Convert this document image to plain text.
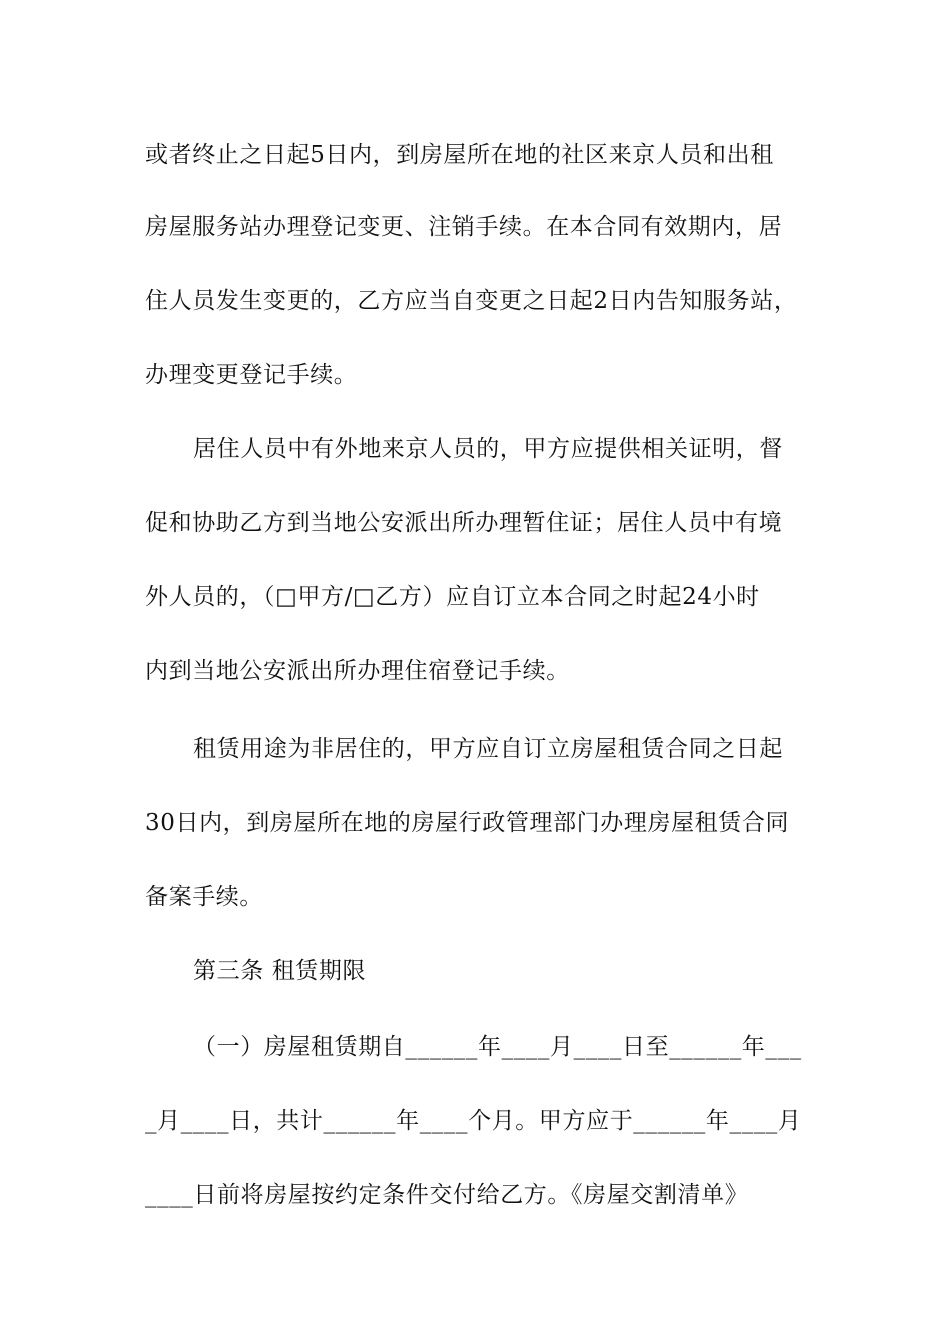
或者终止之日起5日内，到房屋所在地的社区来京人员和出租
房屋服务站办理登记变更、注销手续。在本合同有效期内，居
住人员发生变更的，乙方应当自变更之日起2日内告知服务站，
办理变更登记手续。
居住人员中有外地来京人员的，甲方应提供相关证明，督
促和协助乙方到当地公安派出所办理暂住证；居住人员中有境
外人员的，（□甲方/□乙方）应自订立本合同之时起24小时
内到当地公安派出所办理住宿登记手续。
租赁用途为非居住的，甲方应自订立房屋租赁合同之日起
30日内，到房屋所在地的房屋行政管理部门办理房屋租赁合同
备案手续。
第三条 租赁期限
（一）房屋租赁期自______年____月____日至______年___
_月____日，共计______年____个月。甲方应于______年____月
____日前将房屋按约定条件交付给乙方。《房屋交割清单》
